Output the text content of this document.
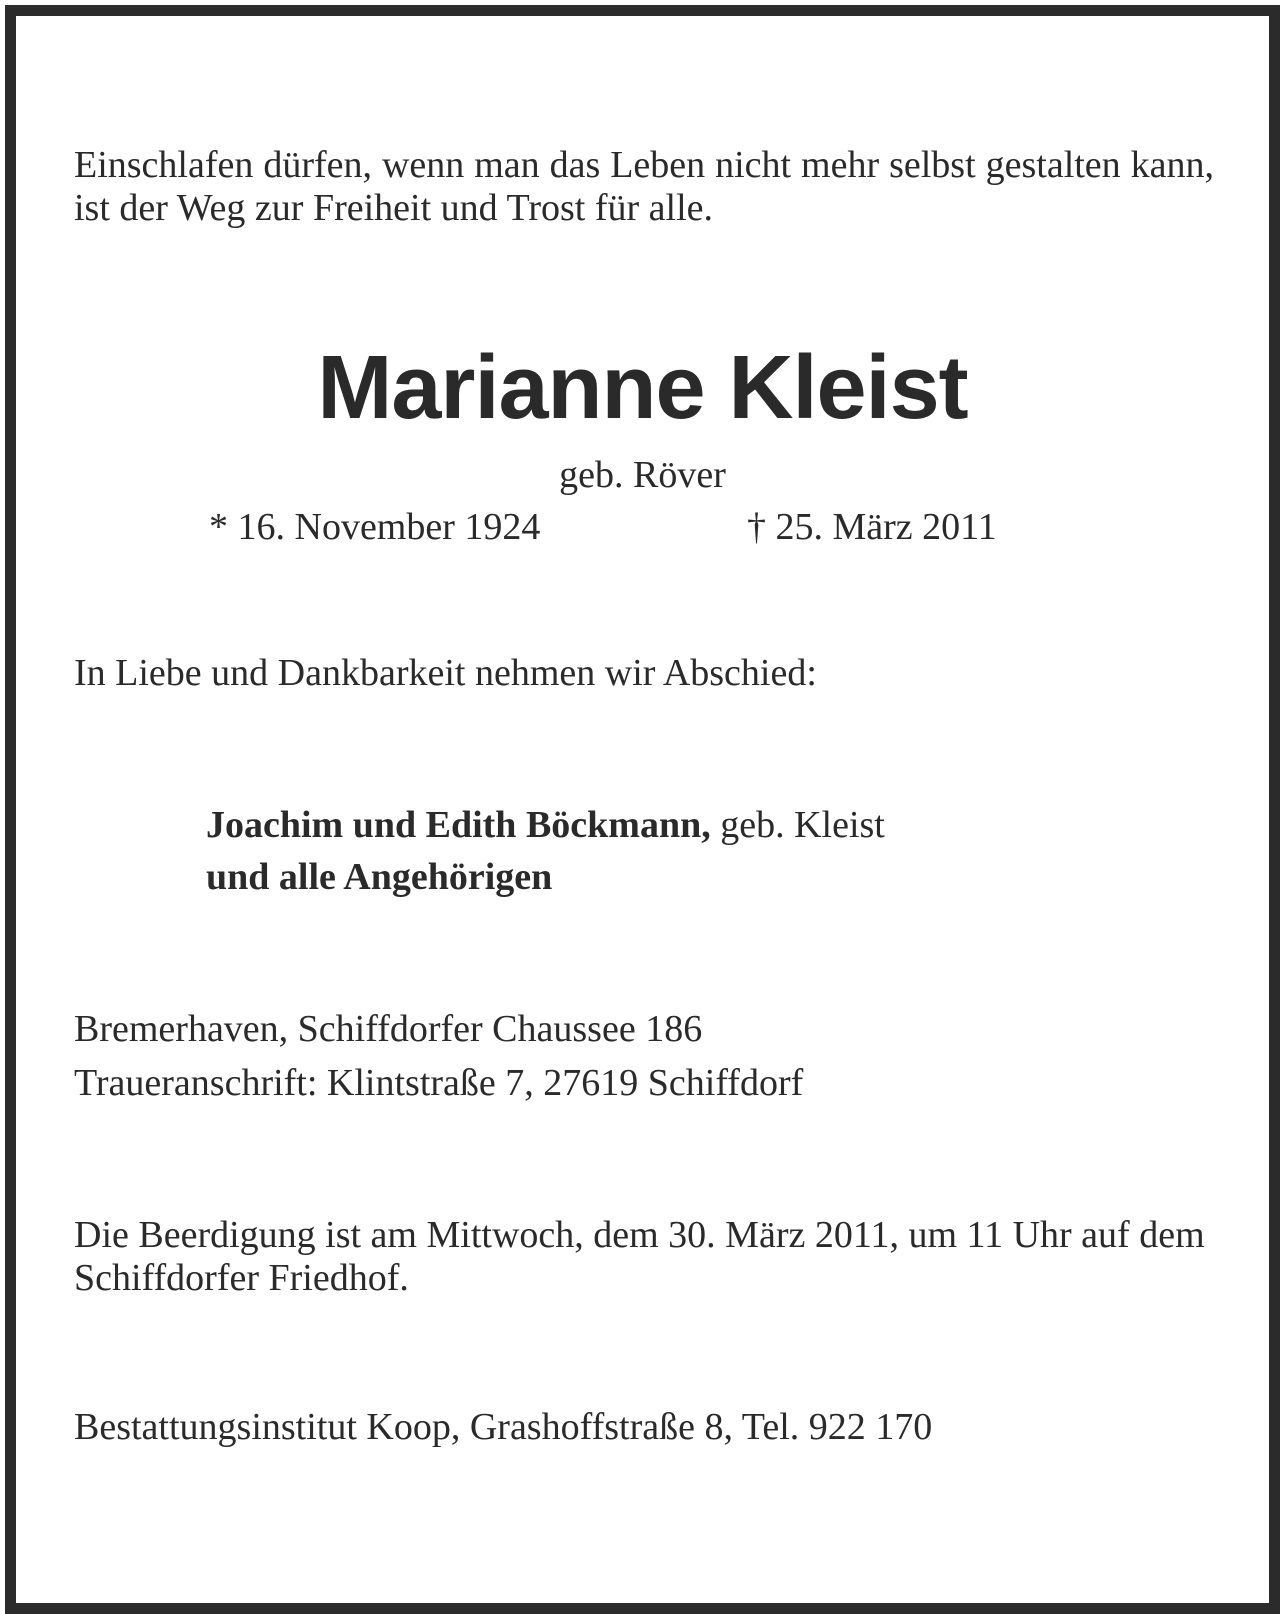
Einschlafen dürfen, wenn man das Leben nicht mehr selbst gestalten kann, ist der Weg zur Freiheit und Trost für alle.
Marianne Kleist
geb. Röver
* 16. November 1924	† 25. März 2011
In Liebe und Dankbarkeit nehmen wir Abschied:
Joachim und Edith Böckmann, geb. Kleist
und alle Angehörigen
Bremerhaven, Schiffdorfer Chaussee 186
Traueranschrift: Klintstraße 7, 27619 Schiffdorf
Die Beerdigung ist am Mittwoch, dem 30. März 2011, um 11 Uhr auf dem Schiffdorfer Friedhof.
Bestattungsinstitut Koop, Grashoffstraße 8, Tel. 922 170
